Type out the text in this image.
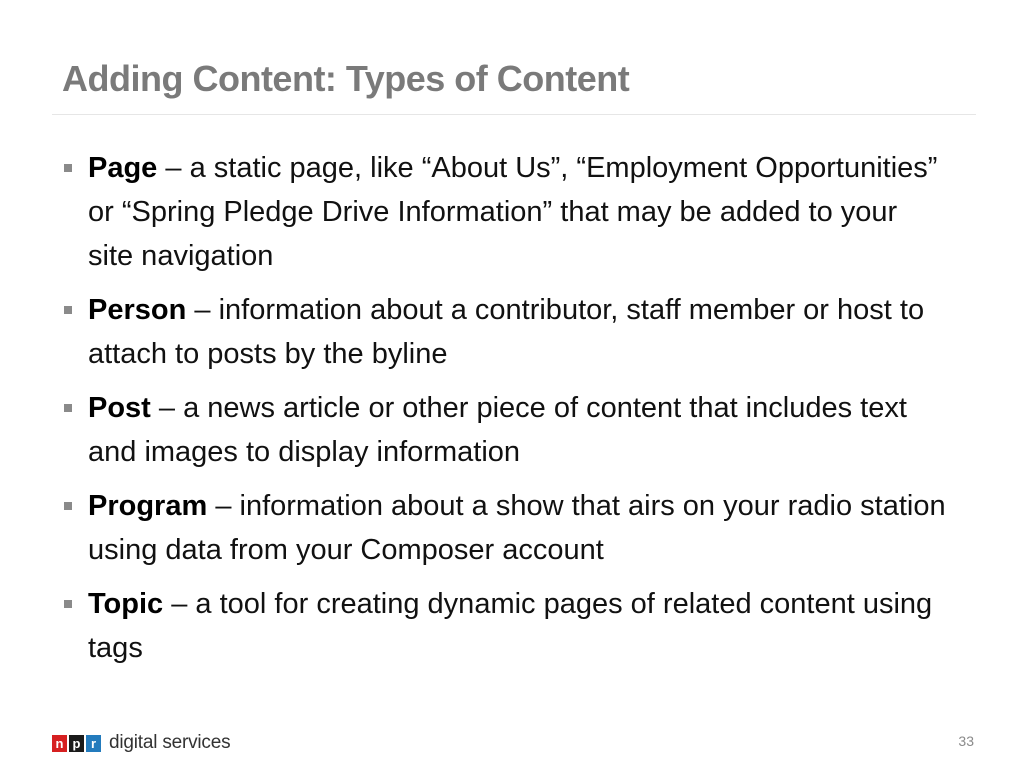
Adding Content: Types of Content
Page – a static page, like “About Us”, “Employment Opportunities” or “Spring Pledge Drive Information” that may be added to your site navigation
Person – information about a contributor, staff member or host to attach to posts by the byline
Post – a news article or other piece of content that includes text and images to display information
Program – information about a show that airs on your radio station using data from your Composer account
Topic – a tool for creating dynamic pages of related content using tags
n p r digital services	33
